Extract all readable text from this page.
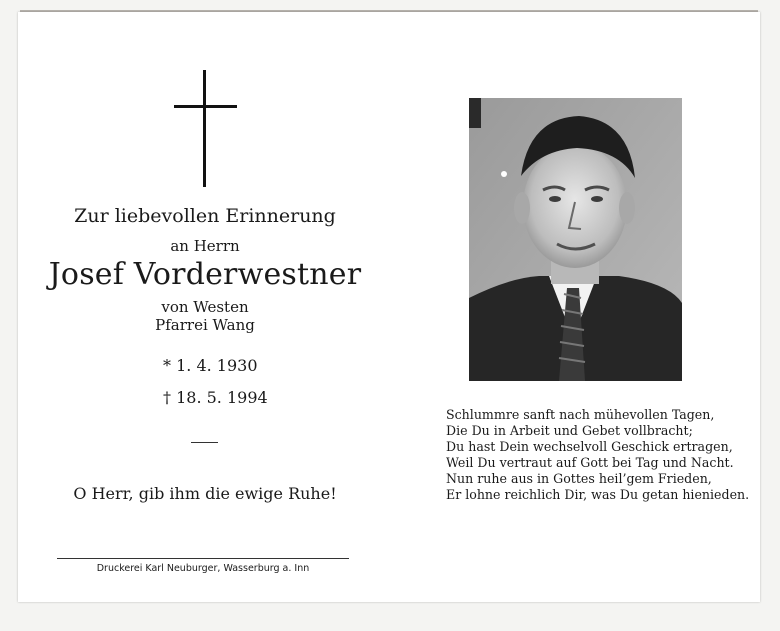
Zur liebevollen Erinnerung
an Herrn
Josef Vorderwestner
von Westen
Pfarrei Wang
* 1. 4. 1930
† 18. 5. 1994
O Herr, gib ihm die ewige Ruhe!
Druckerei Karl Neuburger, Wasserburg a. Inn
Schlummre sanft nach mühevollen Tagen,
Die Du in Arbeit und Gebet vollbracht;
Du hast Dein wechselvoll Geschick ertragen,
Weil Du vertraut auf Gott bei Tag und Nacht.
Nun ruhe aus in Gottes heil’gem Frieden,
Er lohne reichlich Dir, was Du getan hienieden.
